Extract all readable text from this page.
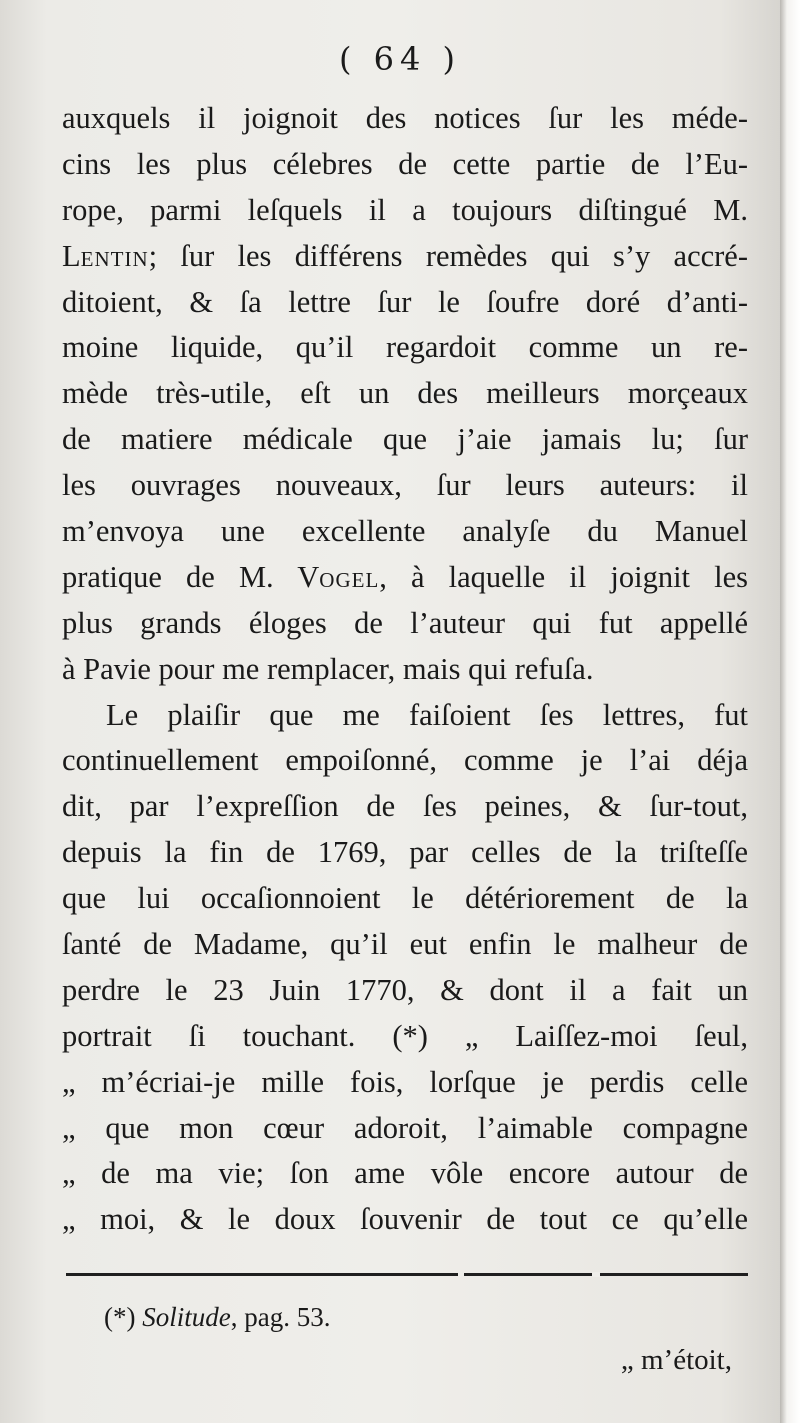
( 64 )
auxquels il joignoit des notices ſur les méde-
cins les plus célebres de cette partie de l’Eu-
rope, parmi leſquels il a toujours diſtingué M.
Lentin; ſur les différens remèdes qui s’y accré-
ditoient, & ſa lettre ſur le ſoufre doré d’anti-
moine liquide, qu’il regardoit comme un re-
mède très-utile, eſt un des meilleurs morçeaux
de matiere médicale que j’aie jamais lu; ſur
les ouvrages nouveaux, ſur leurs auteurs: il
m’envoya une excellente analyſe du Manuel
pratique de M. Vogel, à laquelle il joignit les
plus grands éloges de l’auteur qui fut appellé
à Pavie pour me remplacer, mais qui refuſa.
Le plaiſir que me faiſoient ſes lettres, fut
continuellement empoiſonné, comme je l’ai déja
dit, par l’expreſſion de ſes peines, & ſur-tout,
depuis la fin de 1769, par celles de la triſteſſe
que lui occaſionnoient le détériorement de la
ſanté de Madame, qu’il eut enfin le malheur de
perdre le 23 Juin 1770, & dont il a fait un
portrait ſi touchant. (*) „ Laiſſez-moi ſeul,
„ m’écriai-je mille fois, lorſque je perdis celle
„ que mon cœur adoroit, l’aimable compagne
„ de ma vie; ſon ame vôle encore autour de
„ moi, & le doux ſouvenir de tout ce qu’elle
(*) Solitude, pag. 53.
„ m’étoit,
